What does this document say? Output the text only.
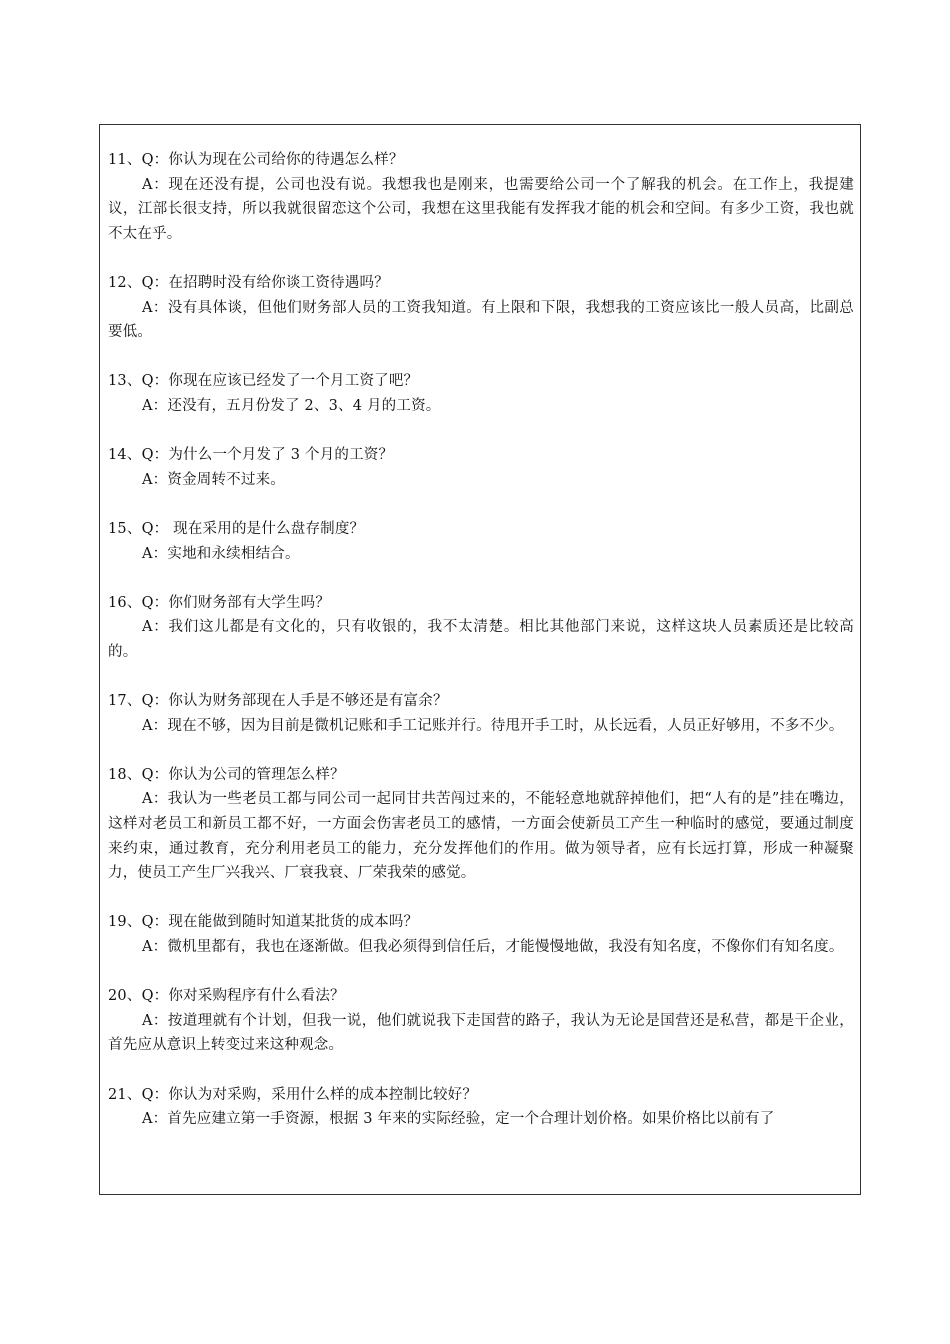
11、Q：你认为现在公司给你的待遇怎么样？

A：现在还没有提，公司也没有说。我想我也是刚来，也需要给公司一个了解我的机会。在工作上，我提建议，江部长很支持，所以我就很留恋这个公司，我想在这里我能有发挥我才能的机会和空间。有多少工资，我也就不太在乎。

12、Q：在招聘时没有给你谈工资待遇吗？

A：没有具体谈，但他们财务部人员的工资我知道。有上限和下限，我想我的工资应该比一般人员高，比副总要低。

13、Q：你现在应该已经发了一个月工资了吧？

A：还没有，五月份发了 2、3、4 月的工资。

14、Q：为什么一个月发了 3 个月的工资？

A：资金周转不过来。

15、Q： 现在采用的是什么盘存制度？

A：实地和永续相结合。

16、Q：你们财务部有大学生吗？

A：我们这儿都是有文化的，只有收银的，我不太清楚。相比其他部门来说，这样这块人员素质还是比较高的。

17、Q：你认为财务部现在人手是不够还是有富余？

A：现在不够，因为目前是微机记账和手工记账并行。待甩开手工时，从长远看，人员正好够用，不多不少。

18、Q：你认为公司的管理怎么样？

A：我认为一些老员工都与同公司一起同甘共苦闯过来的，不能轻意地就辞掉他们，把“人有的是”挂在嘴边，这样对老员工和新员工都不好，一方面会伤害老员工的感情，一方面会使新员工产生一种临时的感觉，要通过制度来约束，通过教育，充分利用老员工的能力，充分发挥他们的作用。做为领导者，应有长远打算，形成一种凝聚力，使员工产生厂兴我兴、厂衰我衰、厂荣我荣的感觉。

19、Q：现在能做到随时知道某批货的成本吗？

A：微机里都有，我也在逐渐做。但我必须得到信任后，才能慢慢地做，我没有知名度，不像你们有知名度。

20、Q：你对采购程序有什么看法？

A：按道理就有个计划，但我一说，他们就说我下走国营的路子，我认为无论是国营还是私营，都是干企业，首先应从意识上转变过来这种观念。

21、Q：你认为对采购，采用什么样的成本控制比较好？

A：首先应建立第一手资源，根据 3 年来的实际经验，定一个合理计划价格。如果价格比以前有了
